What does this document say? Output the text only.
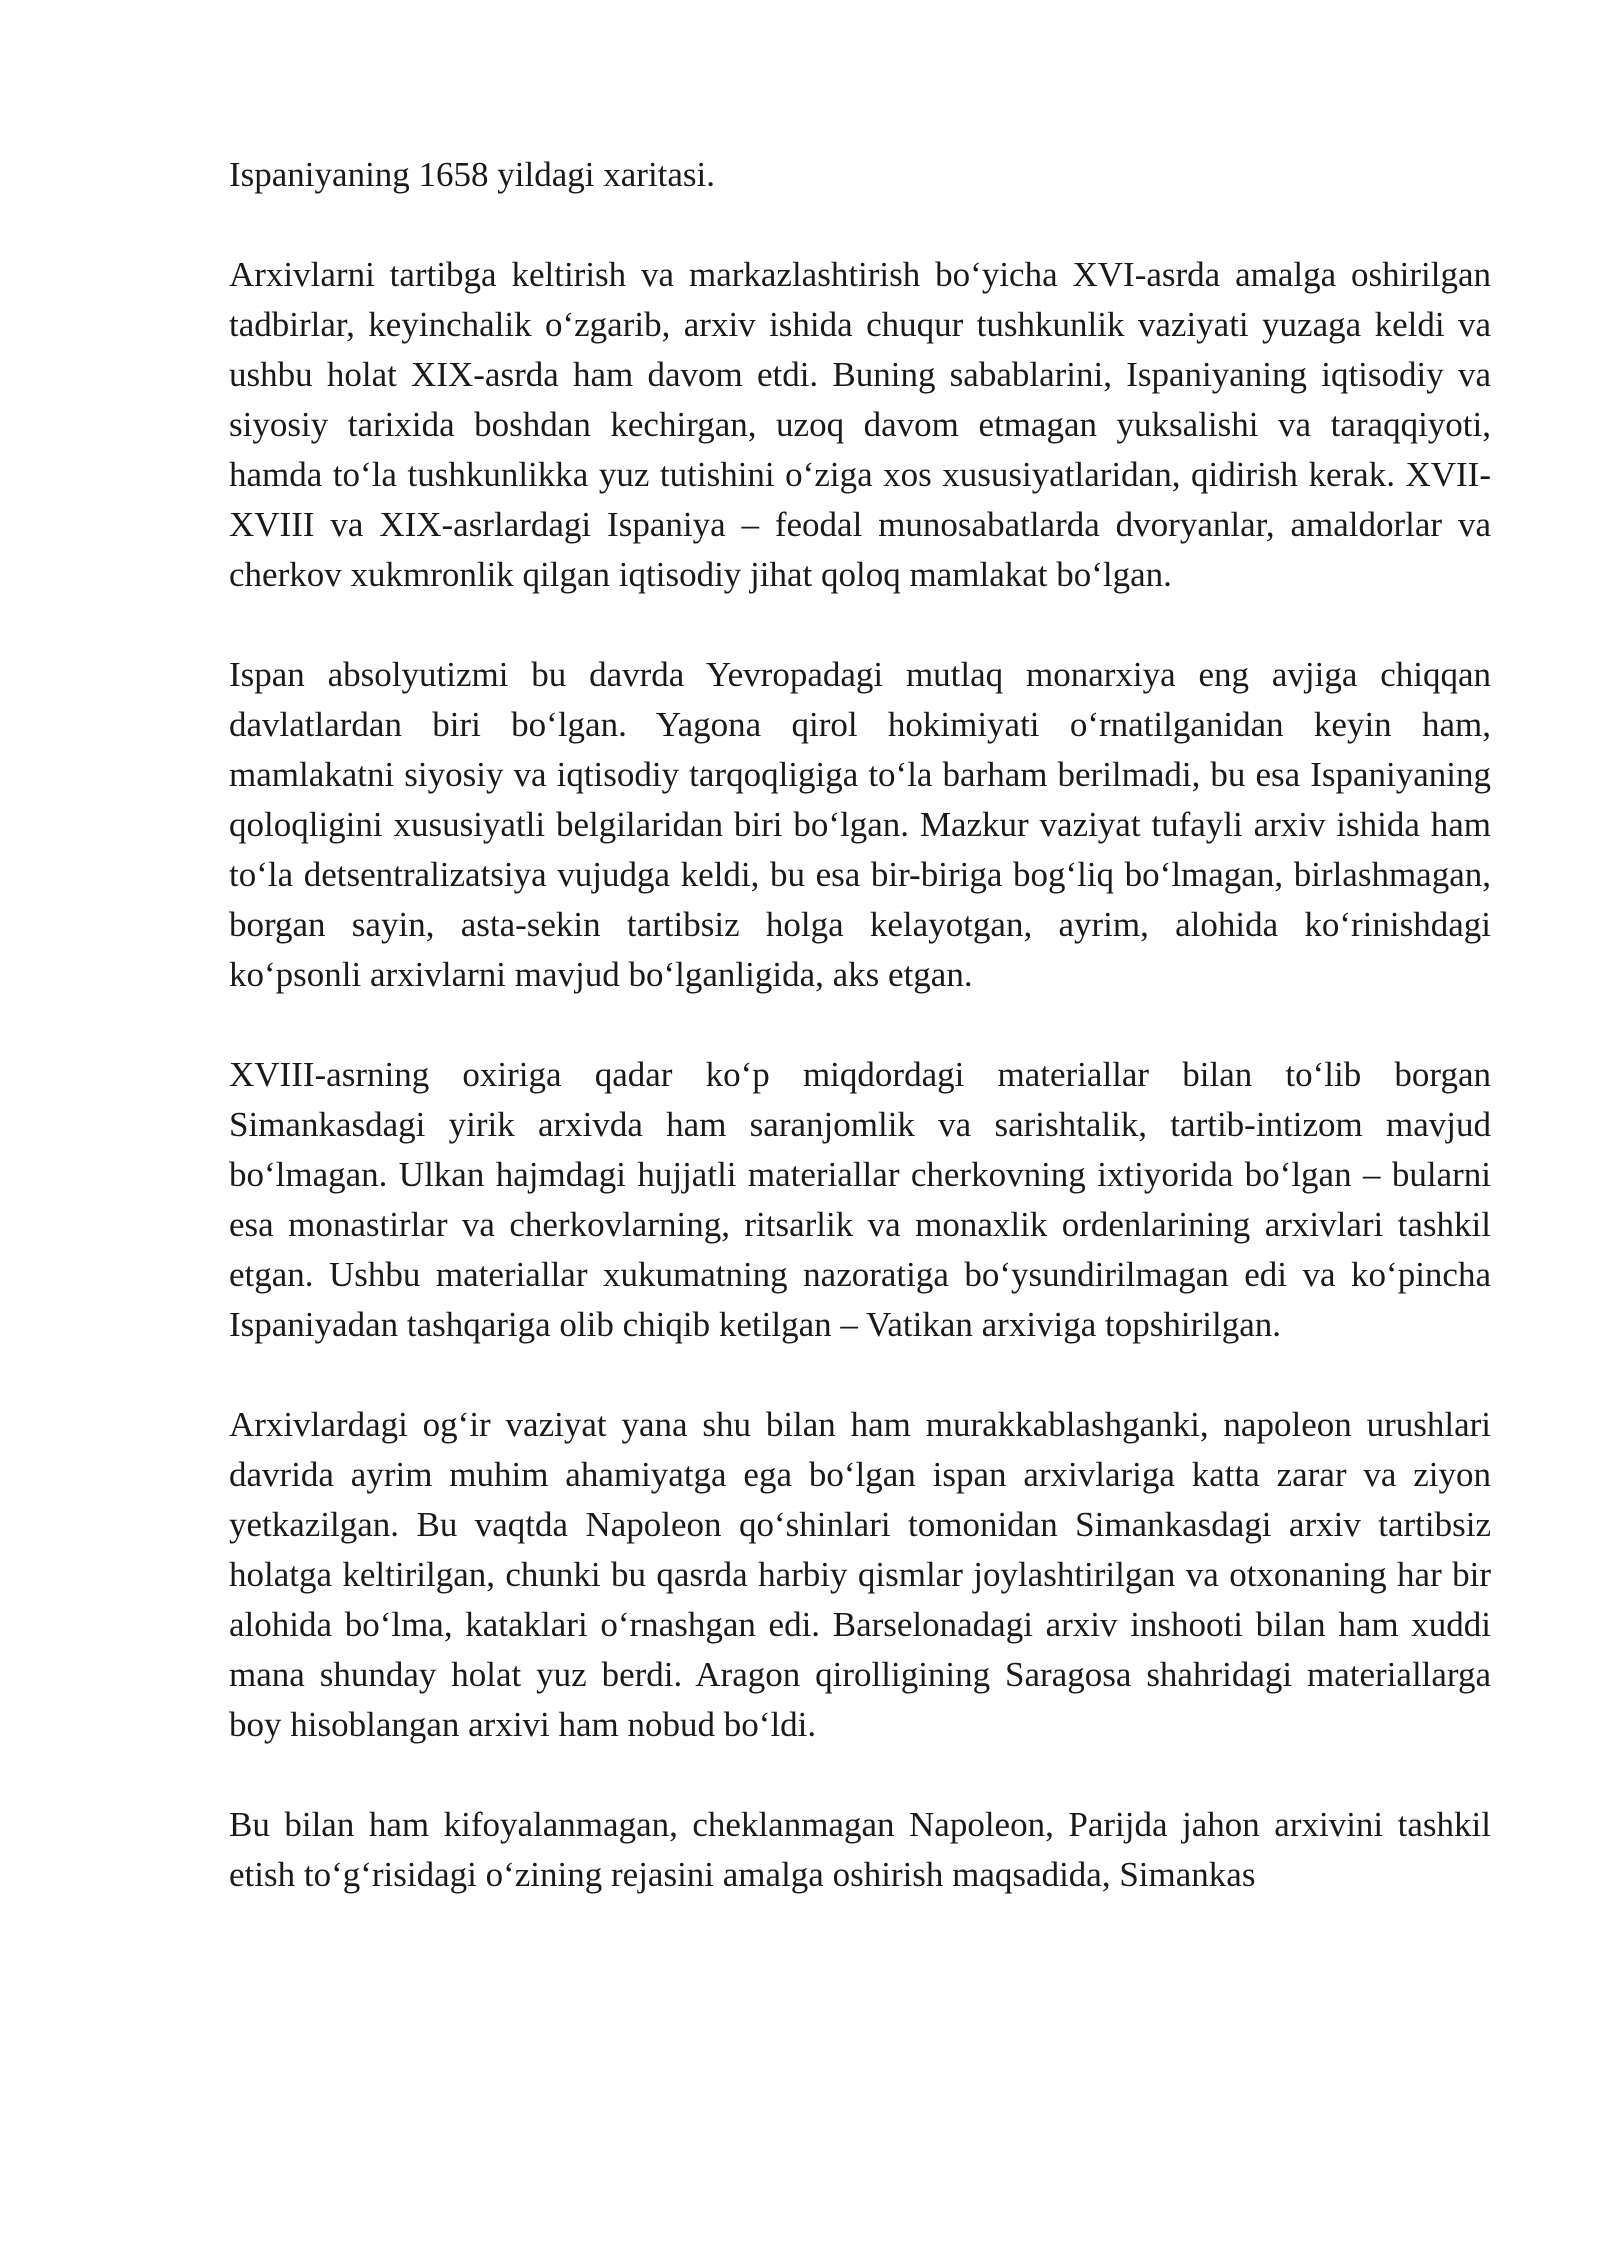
Ispaniyaning 1658 yildagi xaritasi.

Arxivlarni tartibga keltirish va markazlashtirish bo‘yicha XVI-asrda amalga oshirilgan tadbirlar, keyinchalik o‘zgarib, arxiv ishida chuqur tushkunlik vaziyati yuzaga keldi va ushbu holat XIX-asrda ham davom etdi. Buning sabablarini, Ispaniyaning iqtisodiy va siyosiy tarixida boshdan kechirgan, uzoq davom etmagan yuksalishi va taraqqiyoti, hamda to‘la tushkunlikka yuz tutishini o‘ziga xos xususiyatlaridan, qidirish kerak. XVII-XVIII va XIX-asrlardagi Ispaniya – feodal munosabatlarda dvoryanlar, amaldorlar va cherkov xukmronlik qilgan iqtisodiy jihat qoloq mamlakat bo‘lgan.

Ispan absolyutizmi bu davrda Yevropadagi mutlaq monarxiya eng avjiga chiqqan davlatlardan biri bo‘lgan. Yagona qirol hokimiyati o‘rnatilganidan keyin ham, mamlakatni siyosiy va iqtisodiy tarqoqligiga to‘la barham berilmadi, bu esa Ispaniyaning qoloqligini xususiyatli belgilaridan biri bo‘lgan. Mazkur vaziyat tufayli arxiv ishida ham to‘la detsentralizatsiya vujudga keldi, bu esa bir-biriga bog‘liq bo‘lmagan, birlashmagan, borgan sayin, asta-sekin tartibsiz holga kelayotgan, ayrim, alohida ko‘rinishdagi ko‘psonli arxivlarni mavjud bo‘lganligida, aks etgan.

XVIII-asrning oxiriga qadar ko‘p miqdordagi materiallar bilan to‘lib borgan Simankasdagi yirik arxivda ham saranjomlik va sarishtalik, tartib-intizom mavjud bo‘lmagan. Ulkan hajmdagi hujjatli materiallar cherkovning ixtiyorida bo‘lgan – bularni esa monastirlar va cherkovlarning, ritsarlik va monaxlik ordenlarining arxivlari tashkil etgan. Ushbu materiallar xukumatning nazoratiga bo‘ysundirilmagan edi va ko‘pincha Ispaniyadan tashqariga olib chiqib ketilgan – Vatikan arxiviga topshirilgan.

Arxivlardagi og‘ir vaziyat yana shu bilan ham murakkablashganki, napoleon urushlari davrida ayrim muhim ahamiyatga ega bo‘lgan ispan arxivlariga katta zarar va ziyon yetkazilgan. Bu vaqtda Napoleon qo‘shinlari tomonidan Simankasdagi arxiv tartibsiz holatga keltirilgan, chunki bu qasrda harbiy qismlar joylashtirilgan va otxonaning har bir alohida bo‘lma, kataklari o‘rnashgan edi. Barselonadagi arxiv inshooti bilan ham xuddi mana shunday holat yuz berdi. Aragon qirolligining Saragosa shahridagi materiallarga boy hisoblangan arxivi ham nobud bo‘ldi.

Bu bilan ham kifoyalanmagan, cheklanmagan Napoleon, Parijda jahon arxivini tashkil etish to‘g‘risidagi o‘zining rejasini amalga oshirish maqsadida, Simankas
